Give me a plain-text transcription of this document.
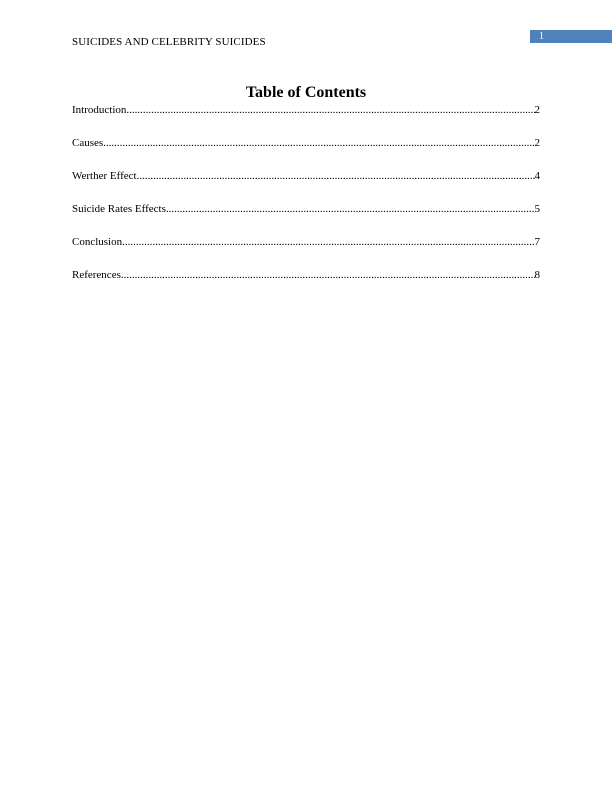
SUICIDES AND CELEBRITY SUICIDES	1
Table of Contents
Introduction .....	2
Causes .....	2
Werther Effect .....	4
Suicide Rates Effects .....	5
Conclusion .....	7
References .....	8
